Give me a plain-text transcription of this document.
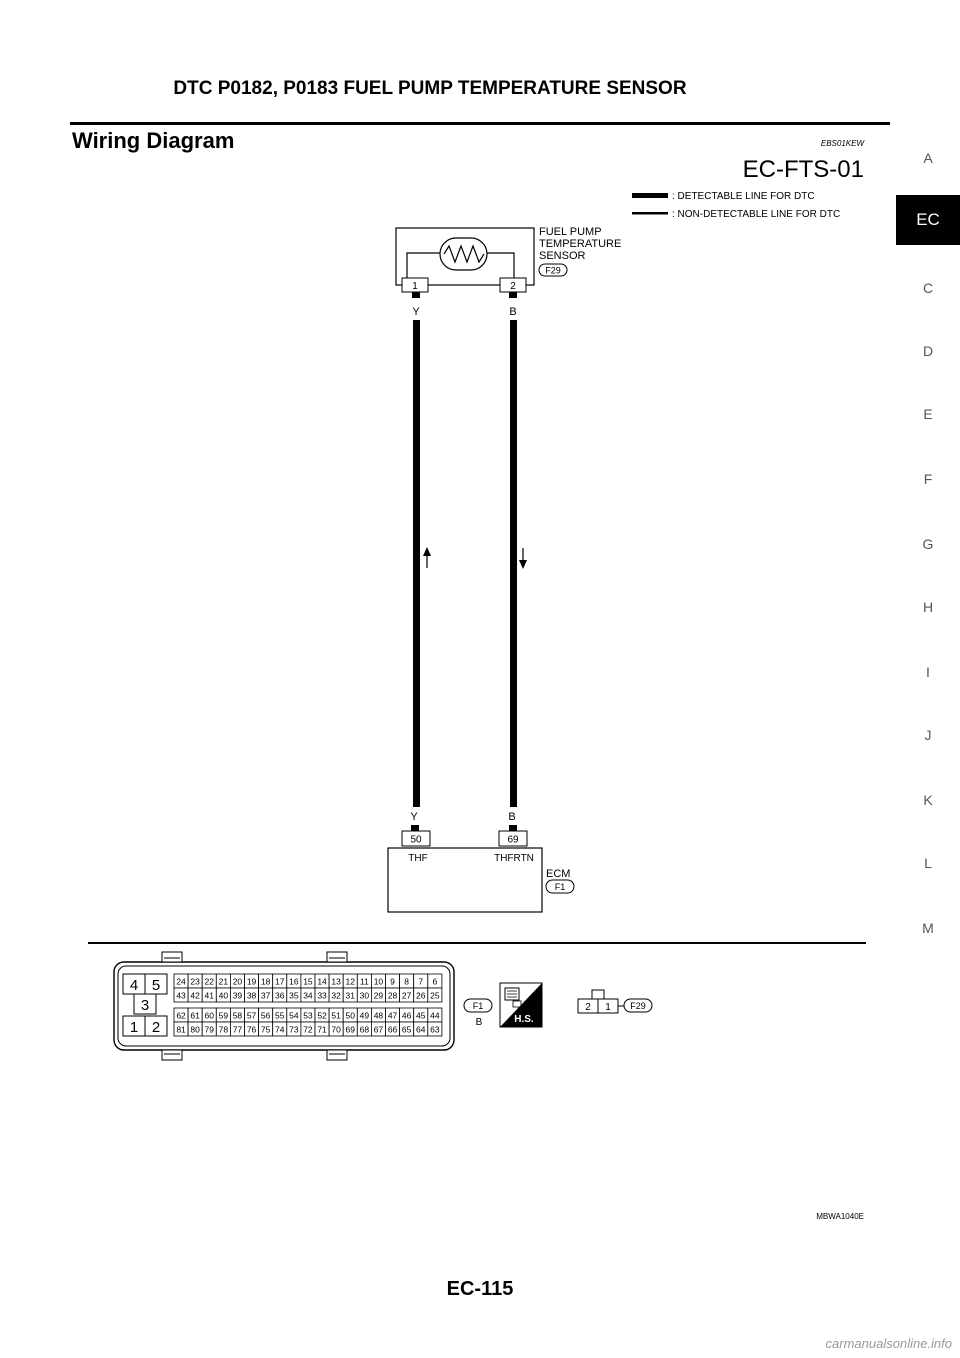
DTC P0182, P0183 FUEL PUMP TEMPERATURE SENSOR
Wiring Diagram	EBS01KEW
EC-FTS-01
: DETECTABLE LINE FOR DTC
: NON-DETECTABLE LINE FOR DTC
FUEL PUMP
TEMPERATURE
SENSOR
F29
1	2
Y	B
Y	B
50	69
THF	THFRTN
ECM
F1
4 5
3
1 2
24 23 22 21 20 19 18 17 16 15 14 13 12 11 10 9 8 7 6
43 42 41 40 39 38 37 36 35 34 33 32 31 30 29 28 27 26 25
62 61 60 59 58 57 56 55 54 53 52 51 50 49 48 47 46 45 44
81 80 79 78 77 76 75 74 73 72 71 70 69 68 67 66 65 64 63
F1
B	H.S.
2 1 F29
EC
A
C
D
E
F
G
H
I
J
K
L
M
MBWA1040E
EC-115
carmanualsonline.info
